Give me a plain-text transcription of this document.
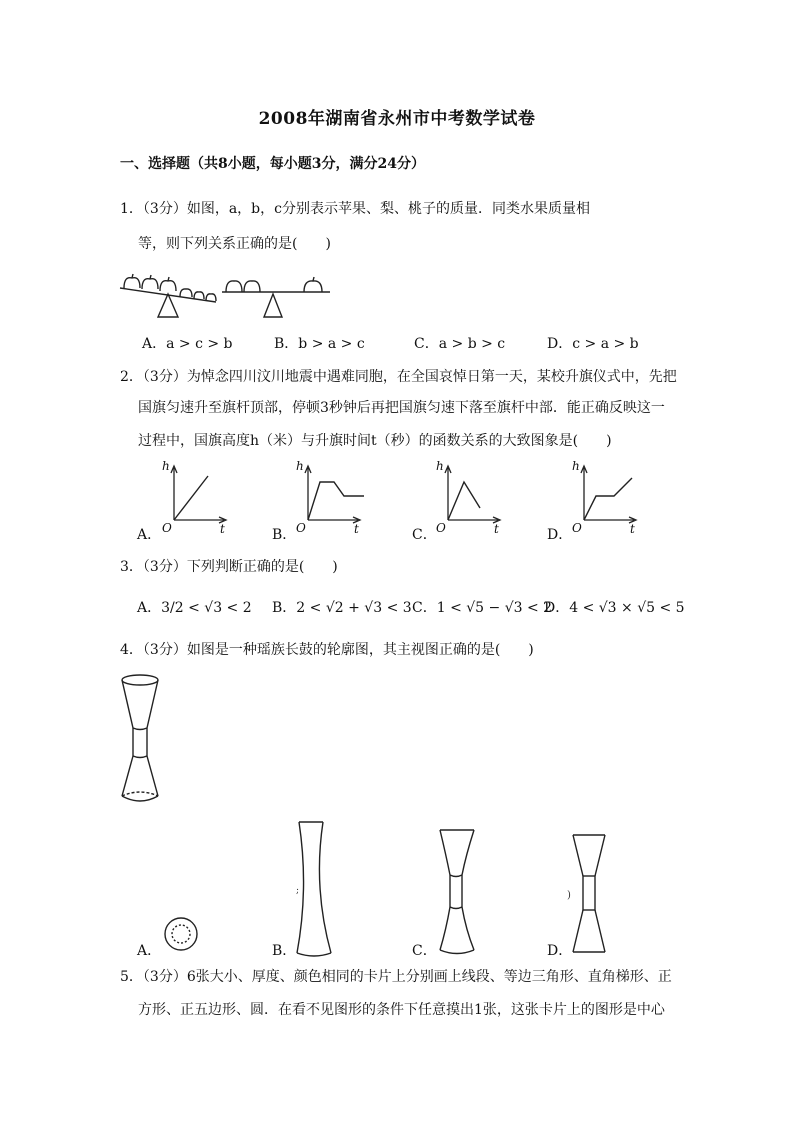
2008年湖南省永州市中考数学试卷
一、选择题（共8小题，每小题3分，满分24分）
1．（3分）如图，a，b，c分别表示苹果、梨、桃子的质量．同类水果质量相
等，则下列关系正确的是(　　)
A．a > c > b	B．b > a > c	C．a > b > c	D．c > a > b
2．（3分）为悼念四川汶川地震中遇难同胞，在全国哀悼日第一天，某校升旗仪式中，先把
国旗匀速升至旗杆顶部，停顿3秒钟后再把国旗匀速下落至旗杆中部．能正确反映这一
过程中，国旗高度h（米）与升旗时间t（秒）的函数关系的大致图象是(　　)
A．
h
t
O	B．
h
t
O	C．
h
t
O	D．
h
t
O
3．（3分）下列判断正确的是(　　)
A．3/2 < √3 < 2 B．2 < √2 + √3 < 3 C．1 < √5 − √3 < 2
D．4 < √3 × √5 < 5
4．（3分）如图是一种瑶族长鼓的轮廓图，其主视图正确的是(　　)
A．	B．
;
C．	D．
)
5．（3分）6张大小、厚度、颜色相同的卡片上分别画上线段、等边三角形、直角梯形、正
方形、正五边形、圆．在看不见图形的条件下任意摸出1张，这张卡片上的图形是中心
